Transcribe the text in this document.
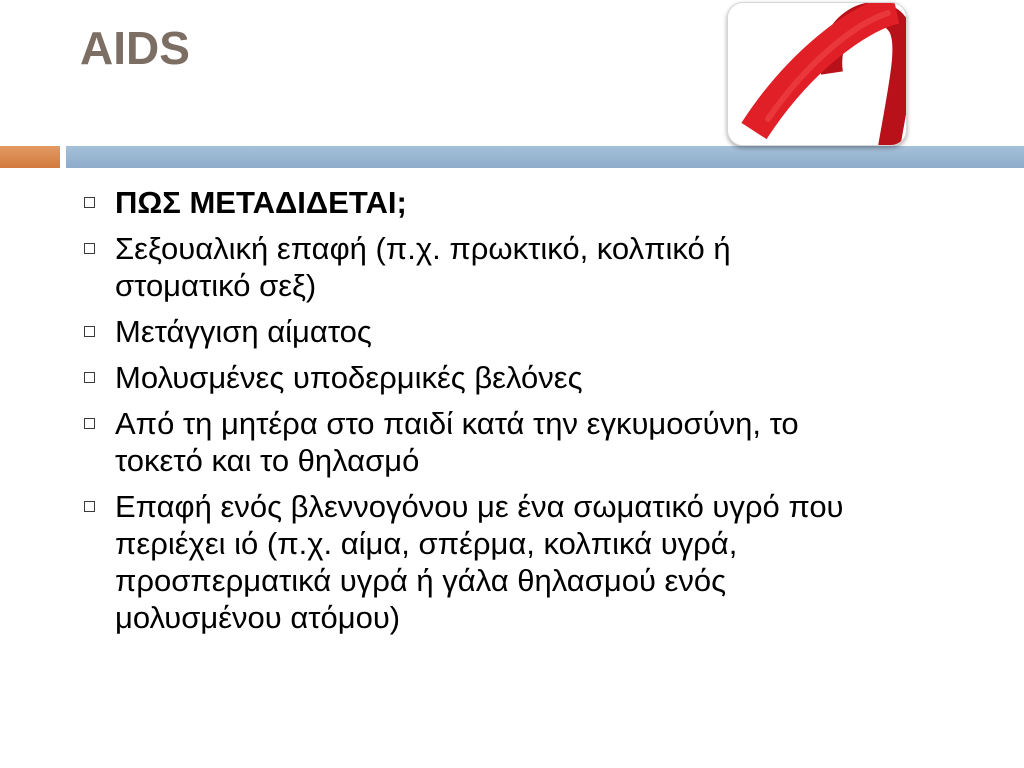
AIDS
ΠΩΣ ΜΕΤΑΔΙΔΕΤΑΙ;
Σεξουαλική επαφή (π.χ. πρωκτικό, κολπικό ή
στοματικό σεξ)
Μετάγγιση αίματος
Μολυσμένες υποδερμικές βελόνες
Από τη μητέρα στο παιδί κατά την εγκυμοσύνη, το
τοκετό και το θηλασμό
Επαφή ενός βλεννογόνου με ένα σωματικό υγρό που
περιέχει ιό (π.χ. αίμα, σπέρμα, κολπικά υγρά,
προσπερματικά υγρά ή γάλα θηλασμού ενός
μολυσμένου ατόμου)
